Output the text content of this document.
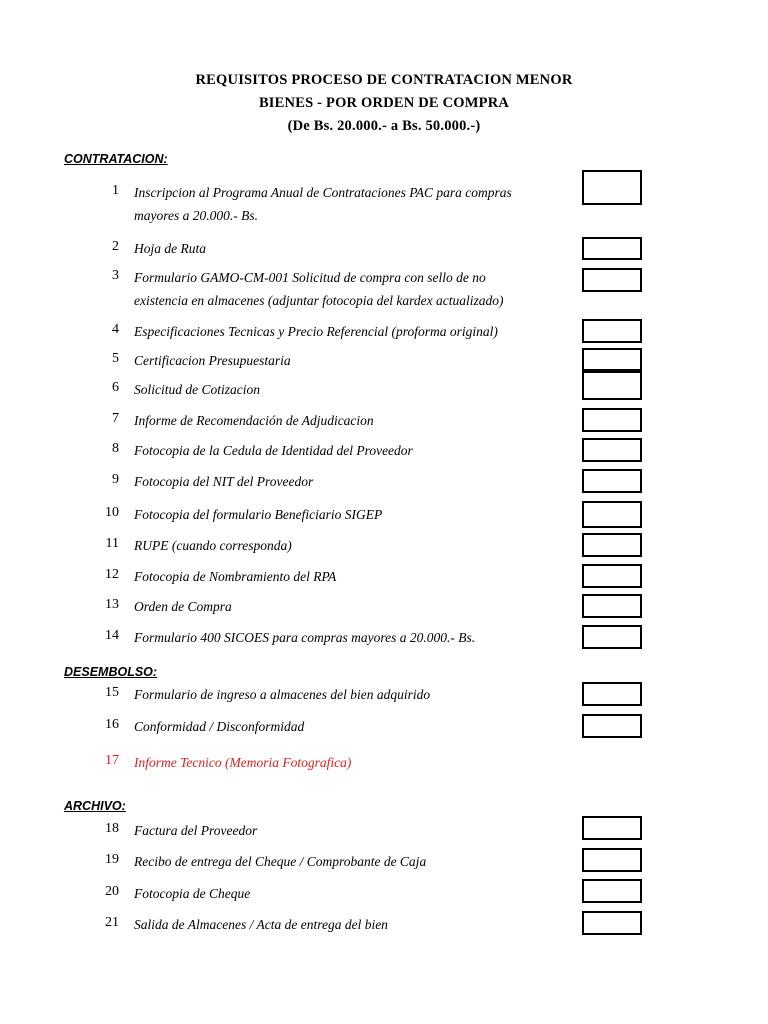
REQUISITOS PROCESO DE CONTRATACION MENOR
BIENES - POR ORDEN DE COMPRA
(De Bs. 20.000.- a Bs. 50.000.-)
CONTRATACION:
DESEMBOLSO:
ARCHIVO:
1 Inscripcion al Programa Anual de Contrataciones PAC para compras
mayores a 20.000.- Bs.
2 Hoja de Ruta
3 Formulario GAMO-CM-001 Solicitud de compra con sello de no
existencia en almacenes (adjuntar fotocopia del kardex actualizado)
4 Especificaciones Tecnicas y Precio Referencial (proforma original)
5 Certificacion Presupuestaria
6 Solicitud de Cotizacion
7 Informe de Recomendación de Adjudicacion
8 Fotocopia de la Cedula de Identidad del Proveedor
9 Fotocopia del NIT del Proveedor
10 Fotocopia del formulario Beneficiario SIGEP
11 RUPE (cuando corresponda)
12 Fotocopia de Nombramiento del RPA
13 Orden de Compra
14 Formulario 400 SICOES para compras mayores a 20.000.- Bs.
15 Formulario de ingreso a almacenes del bien adquirido
16 Conformidad / Disconformidad
17 Informe Tecnico (Memoria Fotografica)
18 Factura del Proveedor
19 Recibo de entrega del Cheque / Comprobante de Caja
20 Fotocopia de Cheque
21 Salida de Almacenes / Acta de entrega del bien
